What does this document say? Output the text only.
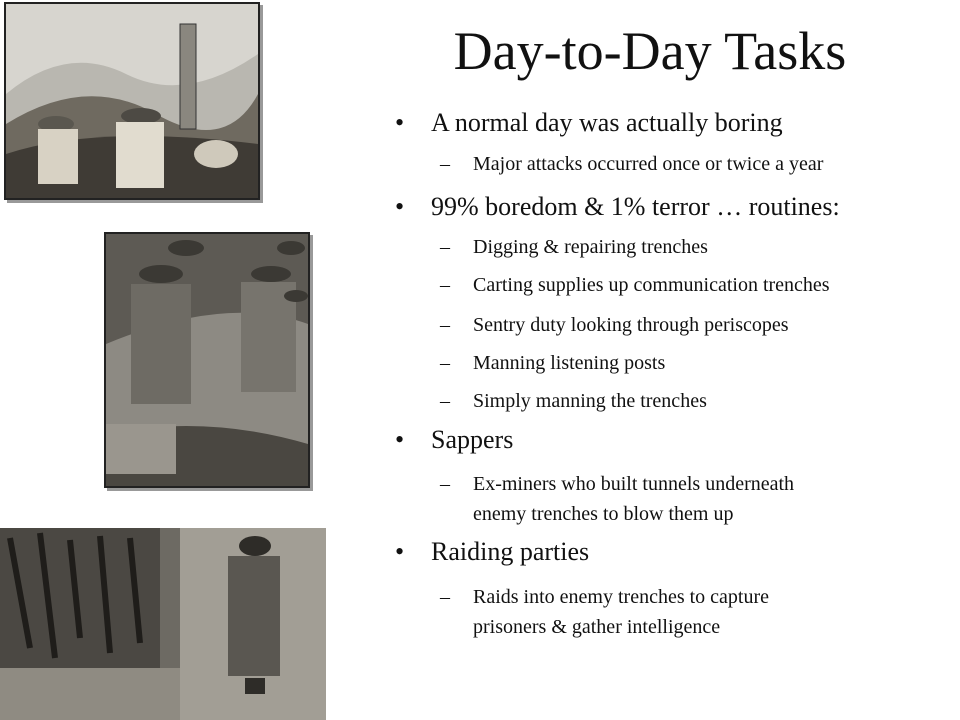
Day-to-Day Tasks
• A normal day was actually boring
– Major attacks occurred once or twice a year
• 99% boredom & 1% terror … routines:
– Digging & repairing trenches
– Carting supplies up communication trenches
– Sentry duty looking through periscopes
– Manning listening posts
– Simply manning the trenches
• Sappers
– Ex-miners who built tunnels underneath
enemy trenches to blow them up
• Raiding parties
– Raids into enemy trenches to capture
prisoners & gather intelligence
